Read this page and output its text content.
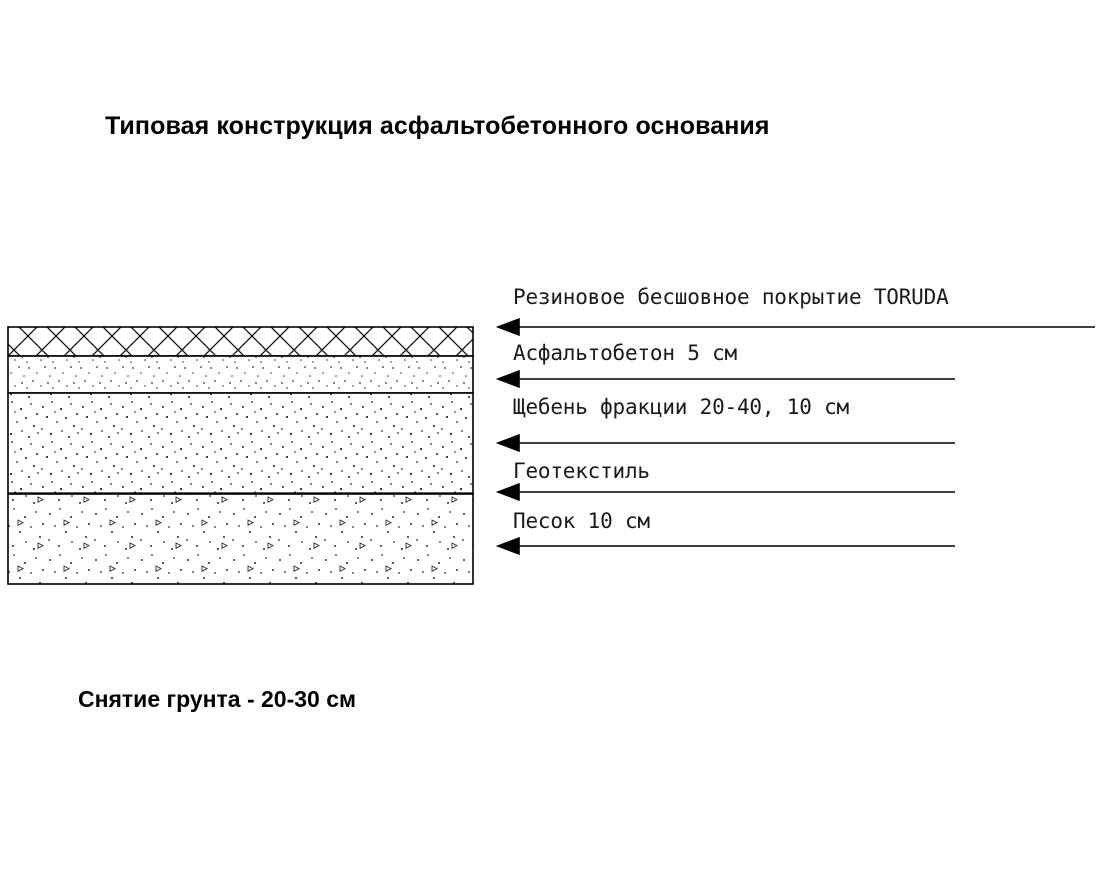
Типовая конструкция асфальтобетонного основания
Резиновое бесшовное покрытие TORUDA
Асфальтобетон 5 см
Щебень фракции 20-40, 10 см
Геотекстиль
Песок 10 см
Снятие грунта - 20-30 см
